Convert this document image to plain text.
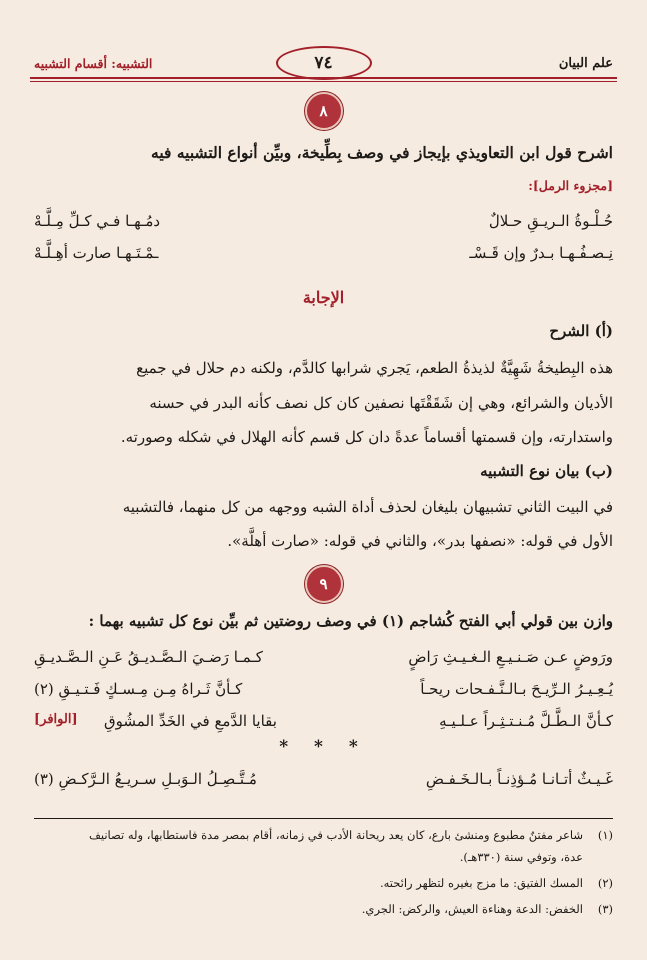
علم البيان
٧٤
التشبيه: أقسام التشبيه
٨
اشرح قول ابن التعاويذي بإيجاز في وصف بِطِّيخة، وبيِّن أنواع التشبيه فيه
[مجزوء الرمل]:
حُـلْـوةُ الـريـقِ حـلالٌ
دمُـهـا فـي كـلِّ مِـلَّـهْ
نِـصـفُـهـا بـدرٌ وإن قَـسْـ
ـمْـتَـهـا صارت أهِـلَّـهْ
الإجابة
(أ) الشرح
هذه البِطيخةُ شَهِيَّةٌ لذيذةُ الطعم، يَجري شرابها كالدَّم، ولكنه دم حلال في جميع
الأديان والشرائع، وهي إن شَقَقْتَها نصفين كان كل نصف كأنه البدر في حسنه
واستدارته، وإن قسمتها أقساماً عدةً دان كل قسم كأنه الهلال في شكله وصورته.
(ب) بيان نوع التشبيه
في البيت الثاني تشبيهان بليغان لحذف أداة الشبه ووجهه من كل منهما، فالتشبيه
الأول في قوله: «نصفها بدر»، والثاني في قوله: «صارت أهلَّة».
٩
وازن بين قولي أبي الفتح كُشاجم (١) في وصف روضتين ثم بيِّن نوع كل تشبيه بهما :
ورَوضٍ عـن صَـنـيـعِ الـغـيـثِ رَاضٍ
كـمـا رَضـيَ الـصَّـديـقُ عَـنِ الـصَّـديـقِ
يُـعِـيـرُ الـرِّيـحَ بـالـنَّـفـحات ريحـاً
كـأنَّ ثَـراهُ مِـن مِـسـكٍ فَـتـيـقِ (٢)
كـأنَّ الـطَّـلَّ مُـنـتـثِـراً عـلـيـهِ
بقايا الدَّمعِ في الخَدِّ المشُوقِ
[الوافر]
* * *
غَـيـثٌ أتـانـا مُـؤذِنـاً بـالـخَـفـضِ
مُـتَّـصِـلُ الـوَبـلِ سـريـعُ الـرَّكـضِ (٣)
(١)شاعر مفتنٌ مطبوع ومنشئ بارع، كان يعد ريحانة الأدب في زمانه، أقام بمصر مدة فاستطابها، وله تصانيف
عدة، وتوفي سنة (٣٣٠هـ).
(٢)المسك الفتيق: ما مزج بغيره لتظهر رائحته.
(٣)الخفض: الدعة وهناءة العيش، والركض: الجري.
